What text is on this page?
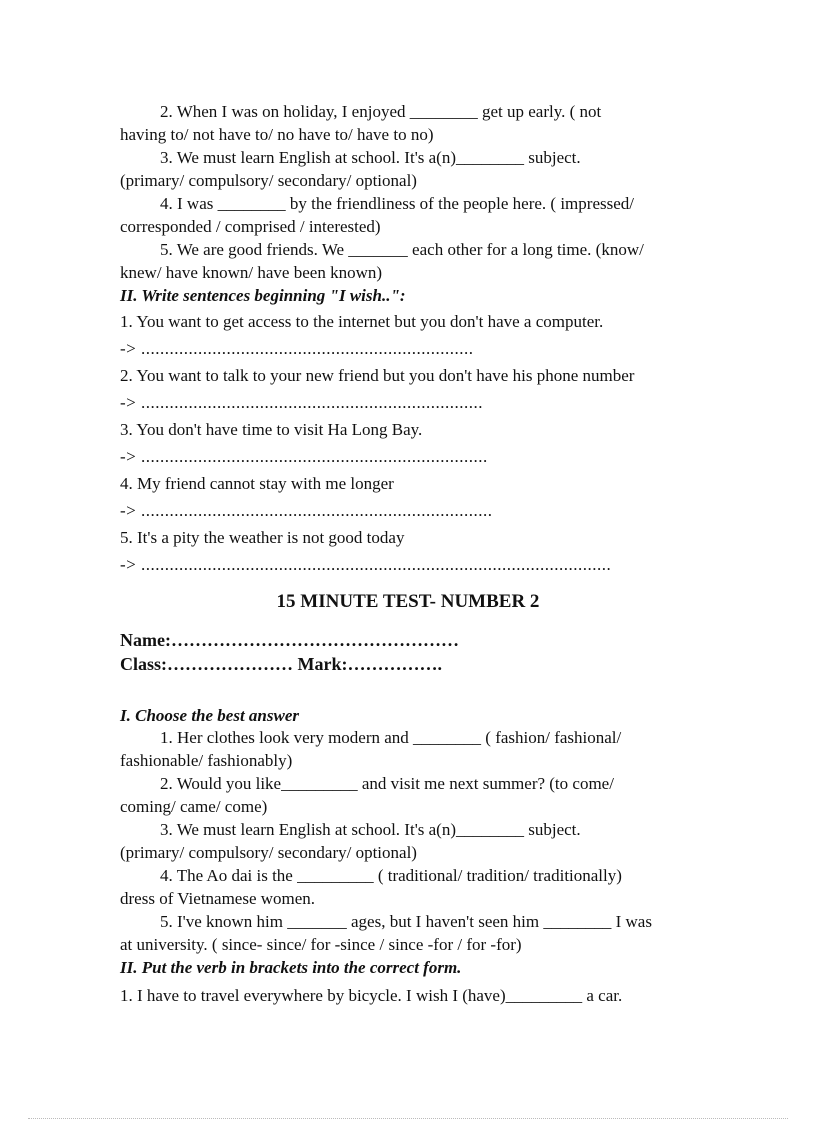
2. When I was on holiday, I enjoyed ________ get up early. ( not

having to/ not have to/ no have to/ have to no)

3. We must learn English at school. It's a(n)________ subject.

(primary/ compulsory/ secondary/ optional)

4. I was ________ by the friendliness of the people here. ( impressed/

corresponded / comprised / interested)

5. We are good friends. We _______ each other for a long time. (know/

knew/ have known/ have been known)

II. Write sentences beginning "I wish..":

1. You want to get access to the internet but you don't have a computer.

-> ......................................................................

2. You want to talk to your new friend but you don't have his phone number

-> ........................................................................

3. You don't have time to visit Ha Long Bay.

-> .........................................................................

4. My friend cannot stay with me longer

-> ..........................................................................

5. It's a pity the weather is not good today

-> ...................................................................................................

15 MINUTE TEST- NUMBER 2

Name:…………………………………………

Class:………………… Mark:…………….

I. Choose the best answer

1. Her clothes look very modern and ________ ( fashion/ fashional/

fashionable/ fashionably)

2. Would you like_________ and visit me next summer? (to come/

coming/ came/ come)

3. We must learn English at school. It's a(n)________ subject.

(primary/ compulsory/ secondary/ optional)

4. The Ao dai is the _________ ( traditional/ tradition/ traditionally)

dress of Vietnamese women.

5. I've known him _______ ages, but I haven't seen him ________ I was

at university. ( since- since/ for -since / since -for / for -for)

II. Put the verb in brackets into the correct form.

1. I have to travel everywhere by bicycle. I wish I (have)_________ a car.
